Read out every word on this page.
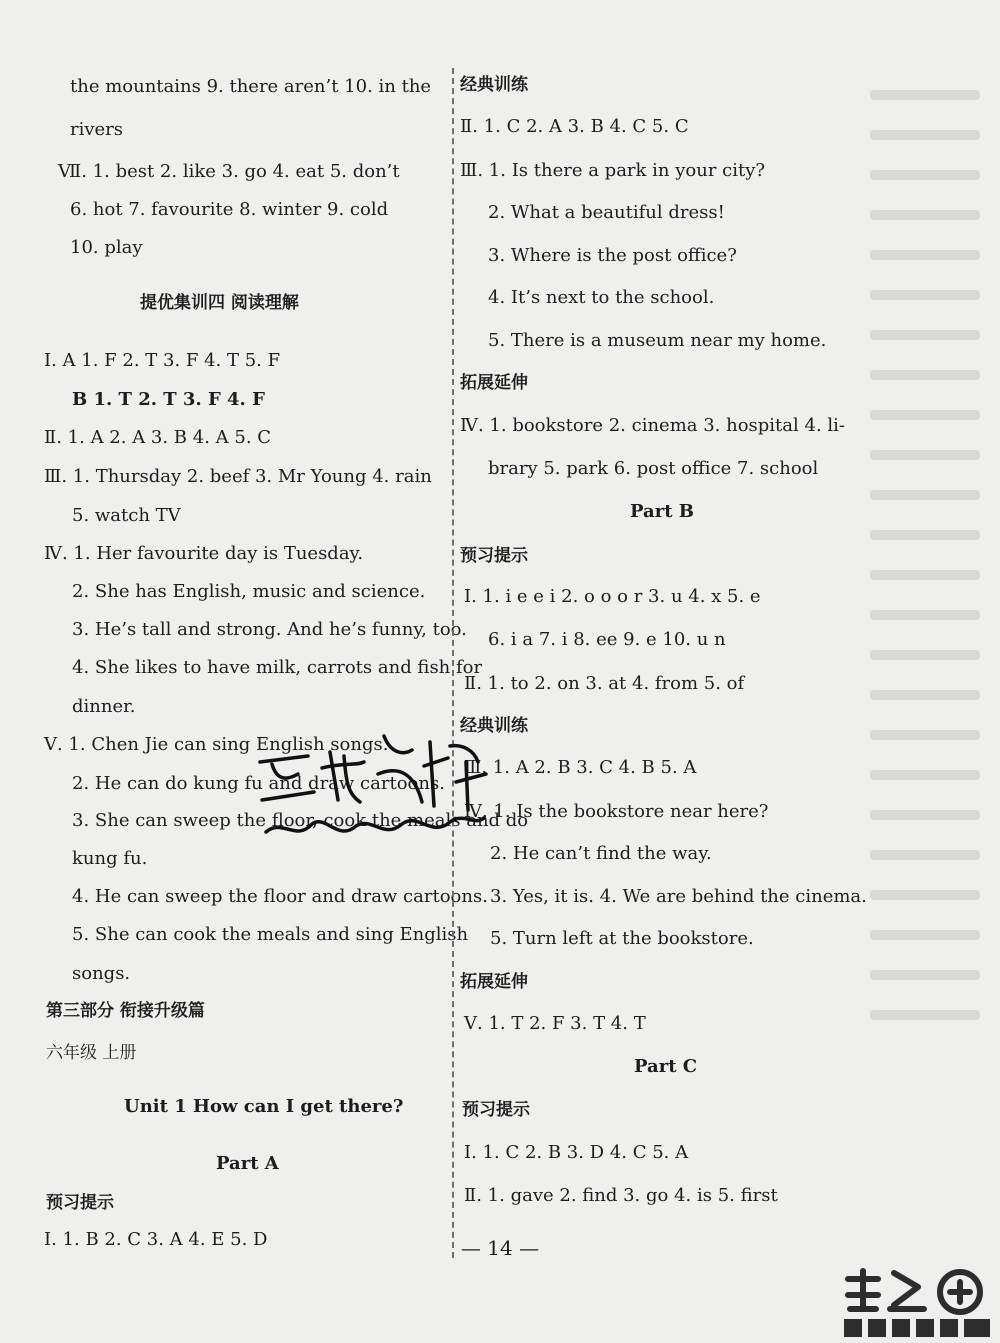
the mountains 9. there aren’t 10. in the
rivers
Ⅶ. 1. best 2. like 3. go 4. eat 5. don’t
6. hot 7. favourite 8. winter 9. cold
10. play
提优集训四 阅读理解
Ⅰ. A 1. F 2. T 3. F 4. T 5. F
B 1. T 2. T 3. F 4. F
Ⅱ. 1. A 2. A 3. B 4. A 5. C
Ⅲ. 1. Thursday 2. beef 3. Mr Young 4. rain
5. watch TV
Ⅳ. 1. Her favourite day is Tuesday.
2. She has English, music and science.
3. He’s tall and strong. And he’s funny, too.
4. She likes to have milk, carrots and fish for
dinner.
Ⅴ. 1. Chen Jie can sing English songs.
2. He can do kung fu and draw cartoons.
3. She can sweep the floor, cook the meals and do
kung fu.
4. He can sweep the floor and draw cartoons.
5. She can cook the meals and sing English
songs.
第三部分 衔接升级篇
六年级 上册
Unit 1 How can I get there?
Part A
预习提示
Ⅰ. 1. B 2. C 3. A 4. E 5. D
经典训练
Ⅱ. 1. C 2. A 3. B 4. C 5. C
Ⅲ. 1. Is there a park in your city?
2. What a beautiful dress!
3. Where is the post office?
4. It’s next to the school.
5. There is a museum near my home.
拓展延伸
Ⅳ. 1. bookstore 2. cinema 3. hospital 4. li-
brary 5. park 6. post office 7. school
Part B
预习提示
Ⅰ. 1. i e e i 2. o o o r 3. u 4. x 5. e
6. i a 7. i 8. ee 9. e 10. u n
Ⅱ. 1. to 2. on 3. at 4. from 5. of
经典训练
Ⅲ. 1. A 2. B 3. C 4. B 5. A
Ⅳ. 1. Is the bookstore near here?
2. He can’t find the way.
3. Yes, it is. 4. We are behind the cinema.
5. Turn left at the bookstore.
拓展延伸
Ⅴ. 1. T 2. F 3. T 4. T
Part C
预习提示
Ⅰ. 1. C 2. B 3. D 4. C 5. A
Ⅱ. 1. gave 2. find 3. go 4. is 5. first
— 14 —
